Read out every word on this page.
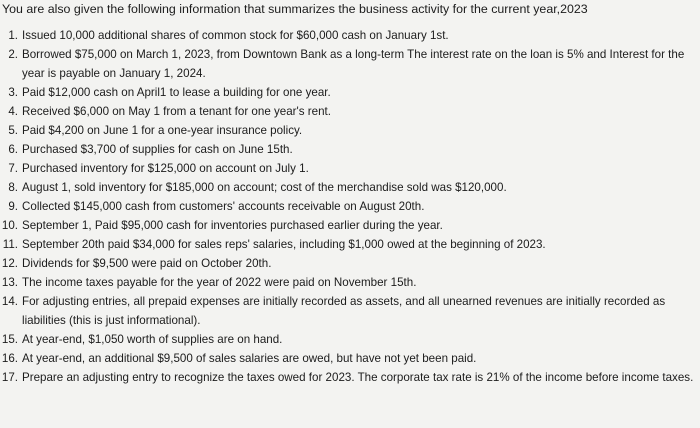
You are also given the following information that summarizes the business activity for the current year,2023

1. Issued 10,000 additional shares of common stock for $60,000 cash on January 1st.
2. Borrowed $75,000 on March 1, 2023, from Downtown Bank as a long-term The interest rate on the loan is 5% and Interest for the year is payable on January 1, 2024.
3. Paid $12,000 cash on April1 to lease a building for one year.
4. Received $6,000 on May 1 from a tenant for one year's rent.
5. Paid $4,200 on June 1 for a one-year insurance policy.
6. Purchased $3,700 of supplies for cash on June 15th.
7. Purchased inventory for $125,000 on account on July 1.
8. August 1, sold inventory for $185,000 on account; cost of the merchandise sold was $120,000.
9. Collected $145,000 cash from customers' accounts receivable on August 20th.
10. September 1, Paid $95,000 cash for inventories purchased earlier during the year.
11. September 20th paid $34,000 for sales reps' salaries, including $1,000 owed at the beginning of 2023.
12. Dividends for $9,500 were paid on October 20th.
13. The income taxes payable for the year of 2022 were paid on November 15th.
14. For adjusting entries, all prepaid expenses are initially recorded as assets, and all unearned revenues are initially recorded as liabilities (this is just informational).
15. At year-end, $1,050 worth of supplies are on hand.
16. At year-end, an additional $9,500 of sales salaries are owed, but have not yet been paid.
17. Prepare an adjusting entry to recognize the taxes owed for 2023. The corporate tax rate is 21% of the income before income taxes.
